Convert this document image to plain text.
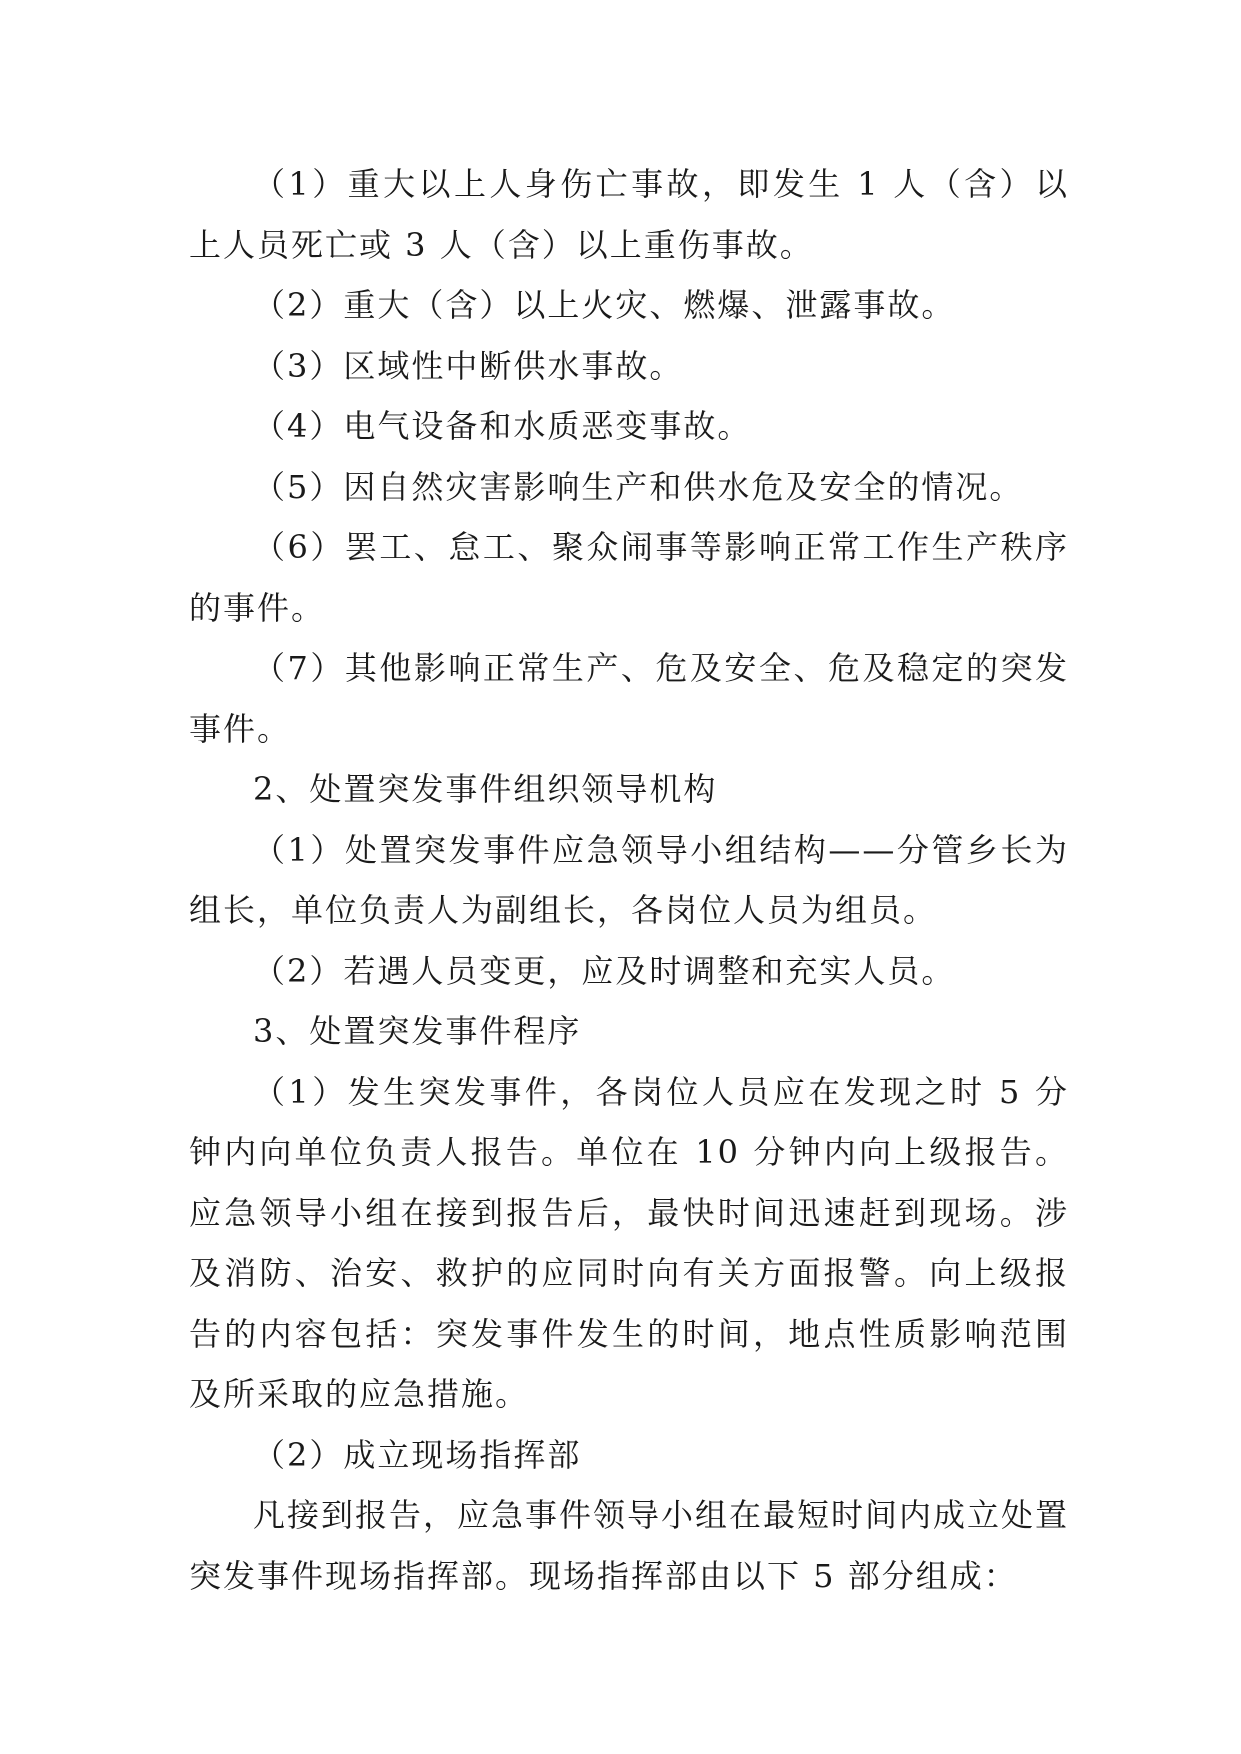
（1）重大以上人身伤亡事故，即发生 1 人（含）以上人员死亡或 3 人（含）以上重伤事故。

（2）重大（含）以上火灾、燃爆、泄露事故。

（3）区域性中断供水事故。

（4）电气设备和水质恶变事故。

（5）因自然灾害影响生产和供水危及安全的情况。

（6）罢工、怠工、聚众闹事等影响正常工作生产秩序的事件。

（7）其他影响正常生产、危及安全、危及稳定的突发事件。

2、处置突发事件组织领导机构

（1）处置突发事件应急领导小组结构——分管乡长为组长，单位负责人为副组长，各岗位人员为组员。

（2）若遇人员变更，应及时调整和充实人员。

3、处置突发事件程序

（1）发生突发事件，各岗位人员应在发现之时 5 分钟内向单位负责人报告。单位在 10 分钟内向上级报告。应急领导小组在接到报告后，最快时间迅速赶到现场。涉及消防、治安、救护的应同时向有关方面报警。向上级报告的内容包括：突发事件发生的时间，地点性质影响范围及所采取的应急措施。

（2）成立现场指挥部

凡接到报告，应急事件领导小组在最短时间内成立处置突发事件现场指挥部。现场指挥部由以下 5 部分组成：
